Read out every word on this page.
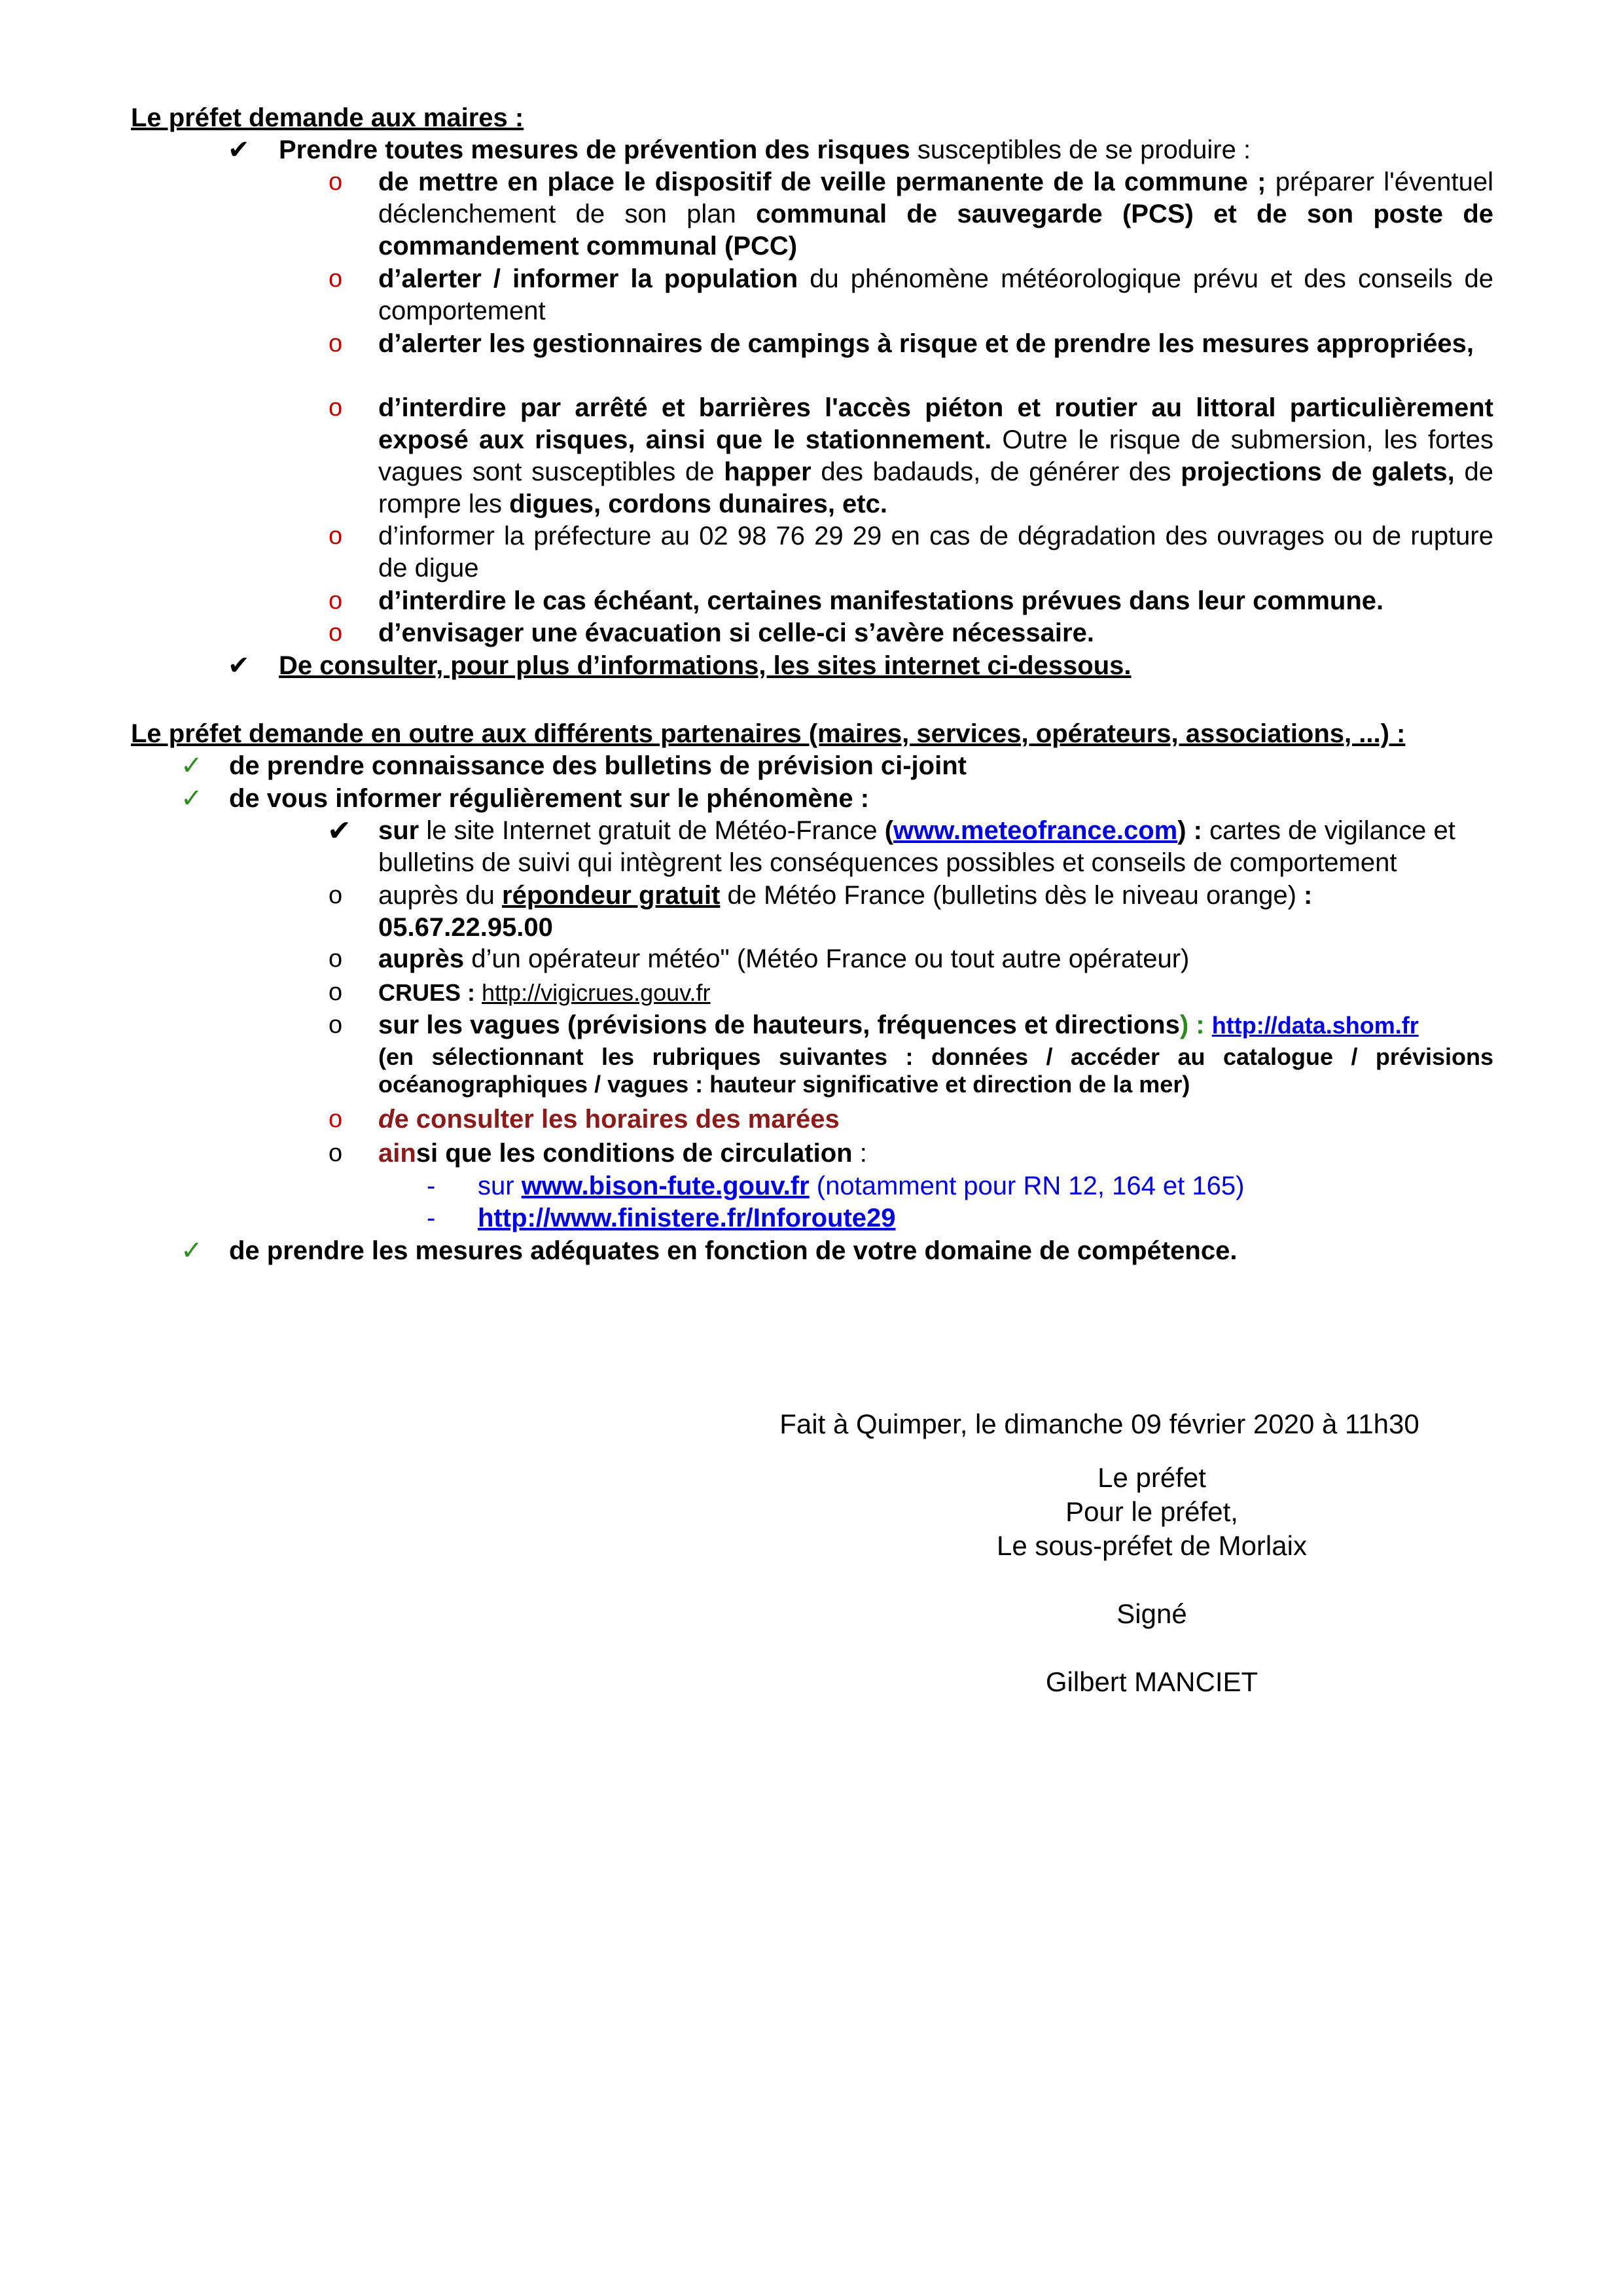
Le préfet demande aux maires :
✔ Prendre toutes mesures de prévention des risques susceptibles de se produire :
o de mettre en place le dispositif de veille permanente de la commune ; préparer l'éventuel déclenchement de son plan communal de sauvegarde (PCS) et de son poste de commandement communal (PCC)
o d’alerter / informer la population du phénomène météorologique prévu et des conseils de comportement
o d’alerter les gestionnaires de campings à risque et de prendre les mesures appropriées,
o d’interdire par arrêté et barrières l'accès piéton et routier au littoral particulièrement exposé aux risques, ainsi que le stationnement. Outre le risque de submersion, les fortes vagues sont susceptibles de happer des badauds, de générer des projections de galets, de rompre les digues, cordons dunaires, etc.
o d’informer la préfecture au 02 98 76 29 29 en cas de dégradation des ouvrages ou de rupture de digue
o d’interdire le cas échéant, certaines manifestations prévues dans leur commune.
o d’envisager une évacuation si celle-ci s’avère nécessaire.
✔ De consulter, pour plus d’informations, les sites internet ci-dessous.
Le préfet demande en outre aux différents partenaires (maires, services, opérateurs, associations, ...) :
✓ de prendre connaissance des bulletins de prévision ci-joint
✓ de vous informer régulièrement sur le phénomène :
✔ sur le site Internet gratuit de Météo-France (www.meteofrance.com) : cartes de vigilance et bulletins de suivi qui intègrent les conséquences possibles et conseils de comportement
o auprès du répondeur gratuit de Météo France (bulletins dès le niveau orange) :
05.67.22.95.00
o auprès d’un opérateur météo" (Météo France ou tout autre opérateur)
o CRUES : http://vigicrues.gouv.fr
o sur les vagues (prévisions de hauteurs, fréquences et directions) : http://data.shom.fr
(en sélectionnant les rubriques suivantes : données / accéder au catalogue / prévisions océanographiques / vagues : hauteur significative et direction de la mer)
o de consulter les horaires des marées
o ainsi que les conditions de circulation :
- sur www.bison-fute.gouv.fr (notamment pour RN 12, 164 et 165)
- http://www.finistere.fr/Inforoute29
✓ de prendre les mesures adéquates en fonction de votre domaine de compétence.
Fait à Quimper, le dimanche 09 février 2020 à 11h30
Le préfet
Pour le préfet,
Le sous-préfet de Morlaix
Signé
Gilbert MANCIET
